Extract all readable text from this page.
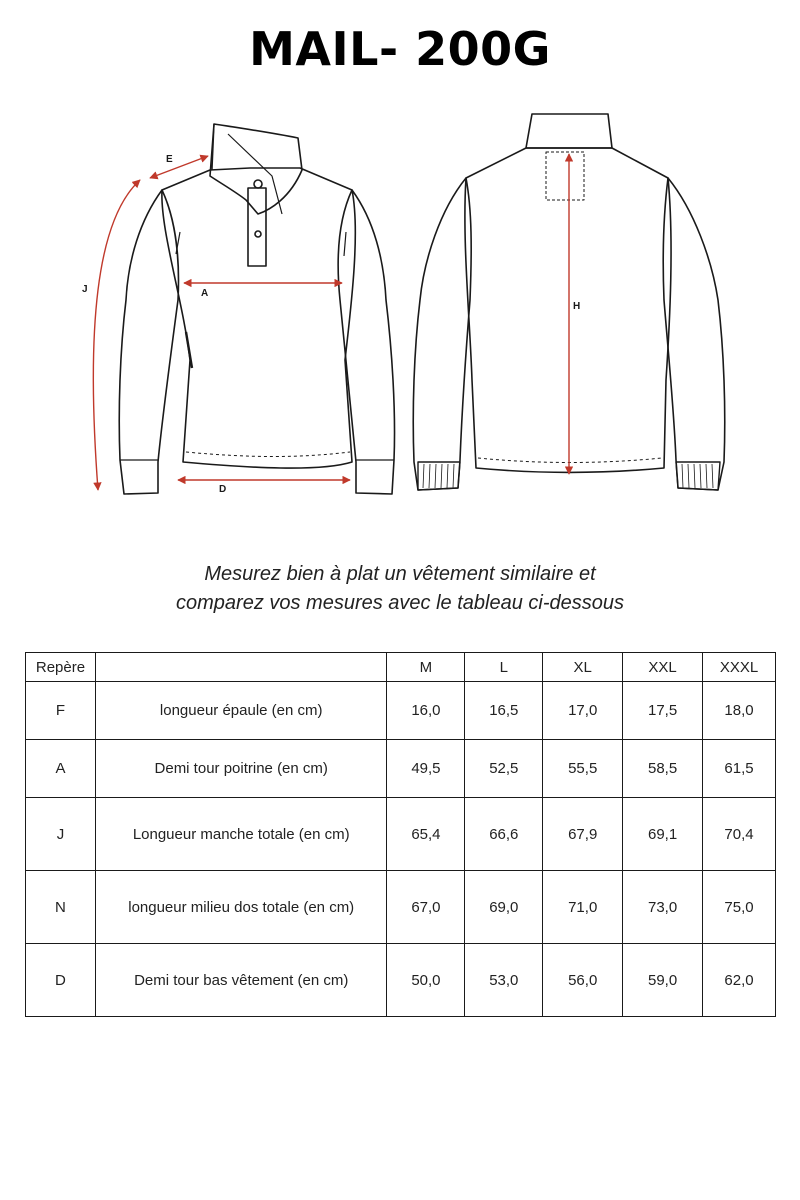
MAIL- 200G
E
J	A
D
H
Mesurez bien à plat un vêtement similaire et
comparez vos mesures avec le tableau ci-dessous
Repère		M	L	XL	XXL	XXXL
F	longueur épaule (en cm)	16,0	16,5	17,0	17,5	18,0
A	Demi tour poitrine (en cm)	49,5	52,5	55,5	58,5	61,5
J	Longueur manche totale (en cm)	65,4	66,6	67,9	69,1	70,4
N	longueur milieu dos totale (en cm)	67,0	69,0	71,0	73,0	75,0
D	Demi tour bas vêtement (en cm)	50,0	53,0	56,0	59,0	62,0
